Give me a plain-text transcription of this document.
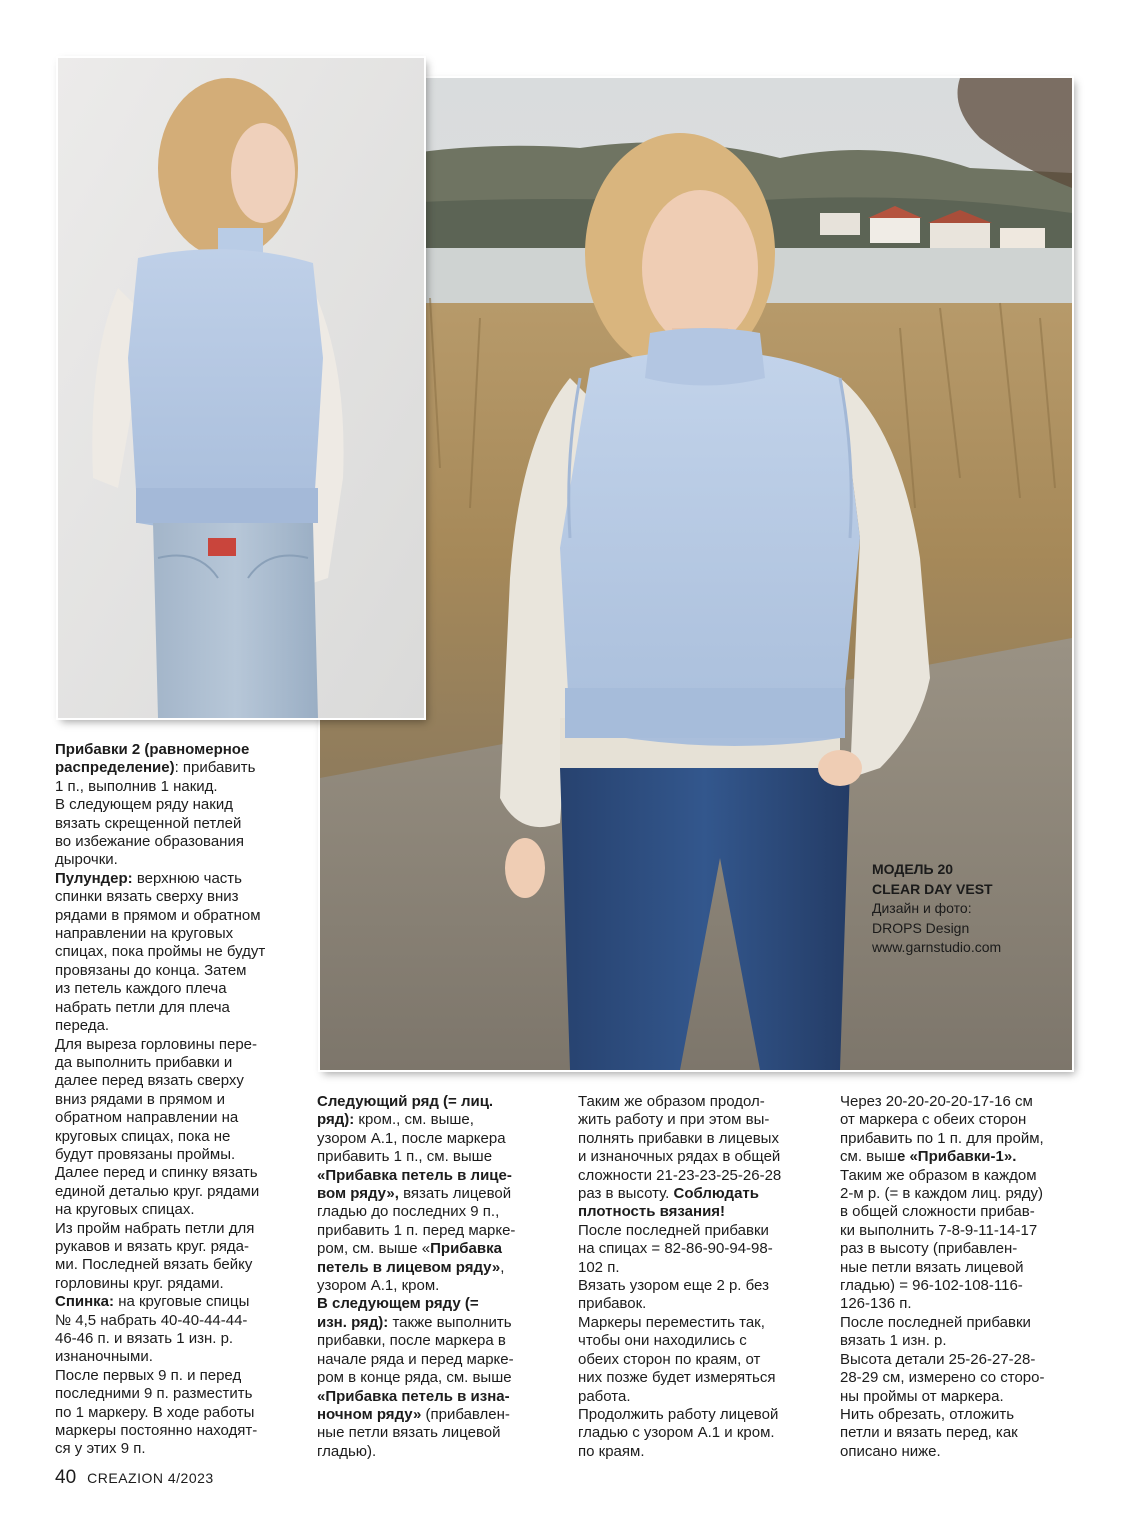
МОДЕЛЬ 20
CLEAR DAY VEST
Дизайн и фото:
DROPS Design
www.garnstudio.com

Прибавки 2 (равномерное

распределение): прибавить

1 п., выполнив 1 накид.

В следующем ряду накид

вязать скрещенной петлей

во избежание образования

дырочки.

Пулундер: верхнюю часть

спинки вязать сверху вниз

рядами в прямом и обратном

направлении на круговых

спицах, пока проймы не будут

провязаны до конца. Затем

из петель каждого плеча

набрать петли для плеча

переда.

Для выреза горловины пере-

да выполнить прибавки и

далее перед вязать сверху

вниз рядами в прямом и

обратном направлении на

круговых спицах, пока не

будут провязаны проймы.

Далее перед и спинку вязать

единой деталью круг. рядами

на круговых спицах.

Из пройм набрать петли для

рукавов и вязать круг. ряда-

ми. Последней вязать бейку

горловины круг. рядами.

Спинка: на круговые спицы

№ 4,5 набрать 40-40-44-44-

46-46 п. и вязать 1 изн. р.

изнаночными.

После первых 9 п. и перед

последними 9 п. разместить

по 1 маркеру. В ходе работы

маркеры постоянно находят-

ся у этих 9 п.

Следующий ряд (= лиц.

ряд): кром., см. выше,

узором A.1, после маркера

прибавить 1 п., см. выше

«Прибавка петель в лице-

вом ряду», вязать лицевой

гладью до последних 9 п.,

прибавить 1 п. перед марке-

ром, см. выше «Прибавка

петель в лицевом ряду»,

узором A.1, кром.

В следующем ряду (=

изн. ряд): также выполнить

прибавки, после маркера в

начале ряда и перед марке-

ром в конце ряда, см. выше

«Прибавка петель в изна-

ночном ряду» (прибавлен-

ные петли вязать лицевой

гладью).

Таким же образом продол-

жить работу и при этом вы-

полнять прибавки в лицевых

и изнаночных рядах в общей

сложности 21-23-23-25-26-28

раз в высоту. Соблюдать

плотность вязания!

После последней прибавки

на спицах = 82-86-90-94-98-

102 п.

Вязать узором еще 2 р. без

прибавок.

Маркеры переместить так,

чтобы они находились с

обеих сторон по краям, от

них позже будет измеряться

работа.

Продолжить работу лицевой

гладью с узором A.1 и кром.

по краям.

Через 20-20-20-20-17-16 см

от маркера с обеих сторон

прибавить по 1 п. для пройм,

см. выше «Прибавки-1».

Таким же образом в каждом

2-м р. (= в каждом лиц. ряду)

в общей сложности прибав-

ки выполнить 7-8-9-11-14-17

раз в высоту (прибавлен-

ные петли вязать лицевой

гладью) = 96-102-108-116-

126-136 п.

После последней прибавки

вязать 1 изн. р.

Высота детали 25-26-27-28-

28-29 см, измерено со сторо-

ны проймы от маркера.

Нить обрезать, отложить

петли и вязать перед, как

описано ниже.

40 CREAZION 4/2023
